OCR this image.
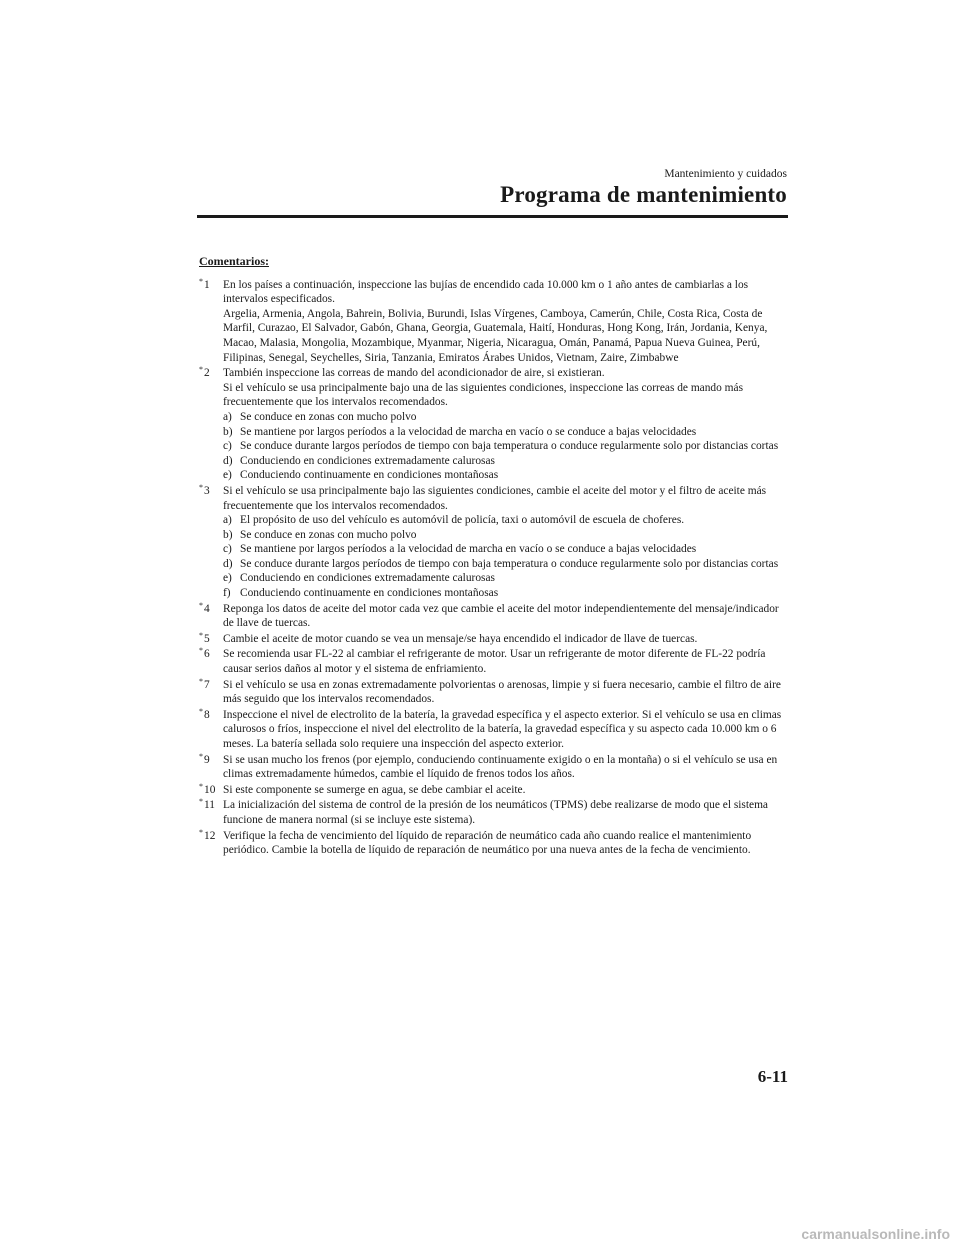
Mantenimiento y cuidados
Programa de mantenimiento
Comentarios:
*1 En los países a continuación, inspeccione las bujías de encendido cada 10.000 km o 1 año antes de cambiarlas a los intervalos especificados.
Argelia, Armenia, Angola, Bahrein, Bolivia, Burundi, Islas Vírgenes, Camboya, Camerún, Chile, Costa Rica, Costa de Marfil, Curazao, El Salvador, Gabón, Ghana, Georgia, Guatemala, Haití, Honduras, Hong Kong, Irán, Jordania, Kenya, Macao, Malasia, Mongolia, Mozambique, Myanmar, Nigeria, Nicaragua, Omán, Panamá, Papua Nueva Guinea, Perú, Filipinas, Senegal, Seychelles, Siria, Tanzania, Emiratos Árabes Unidos, Vietnam, Zaire, Zimbabwe
*2 También inspeccione las correas de mando del acondicionador de aire, si existieran.
Si el vehículo se usa principalmente bajo una de las siguientes condiciones, inspeccione las correas de mando más frecuentemente que los intervalos recomendados.
a) Se conduce en zonas con mucho polvo
b) Se mantiene por largos períodos a la velocidad de marcha en vacío o se conduce a bajas velocidades
c) Se conduce durante largos períodos de tiempo con baja temperatura o conduce regularmente solo por distancias cortas
d) Conduciendo en condiciones extremadamente calurosas
e) Conduciendo continuamente en condiciones montañosas
*3 Si el vehículo se usa principalmente bajo las siguientes condiciones, cambie el aceite del motor y el filtro de aceite más frecuentemente que los intervalos recomendados.
a) El propósito de uso del vehículo es automóvil de policía, taxi o automóvil de escuela de choferes.
b) Se conduce en zonas con mucho polvo
c) Se mantiene por largos períodos a la velocidad de marcha en vacío o se conduce a bajas velocidades
d) Se conduce durante largos períodos de tiempo con baja temperatura o conduce regularmente solo por distancias cortas
e) Conduciendo en condiciones extremadamente calurosas
f) Conduciendo continuamente en condiciones montañosas
*4 Reponga los datos de aceite del motor cada vez que cambie el aceite del motor independientemente del mensaje/indicador de llave de tuercas.
*5 Cambie el aceite de motor cuando se vea un mensaje/se haya encendido el indicador de llave de tuercas.
*6 Se recomienda usar FL-22 al cambiar el refrigerante de motor. Usar un refrigerante de motor diferente de FL-22 podría causar serios daños al motor y el sistema de enfriamiento.
*7 Si el vehículo se usa en zonas extremadamente polvorientas o arenosas, limpie y si fuera necesario, cambie el filtro de aire más seguido que los intervalos recomendados.
*8 Inspeccione el nivel de electrolito de la batería, la gravedad específica y el aspecto exterior. Si el vehículo se usa en climas calurosos o fríos, inspeccione el nivel del electrolito de la batería, la gravedad específica y su aspecto cada 10.000 km o 6 meses. La batería sellada solo requiere una inspección del aspecto exterior.
*9 Si se usan mucho los frenos (por ejemplo, conduciendo continuamente exigido o en la montaña) o si el vehículo se usa en climas extremadamente húmedos, cambie el líquido de frenos todos los años.
*10 Si este componente se sumerge en agua, se debe cambiar el aceite.
*11 La inicialización del sistema de control de la presión de los neumáticos (TPMS) debe realizarse de modo que el sistema funcione de manera normal (si se incluye este sistema).
*12 Verifique la fecha de vencimiento del líquido de reparación de neumático cada año cuando realice el mantenimiento periódico. Cambie la botella de líquido de reparación de neumático por una nueva antes de la fecha de vencimiento.
6-11
carmanualsonline.info
